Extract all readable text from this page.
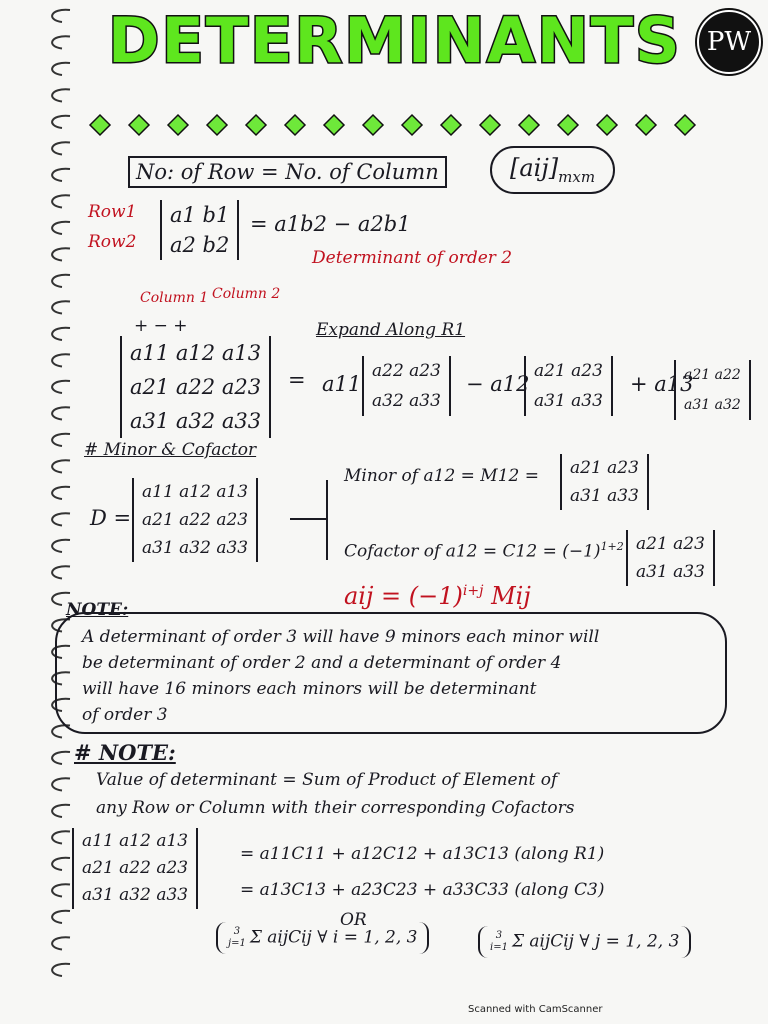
DETERMINANTS PW
No: of Row = No. of Column	$[aij]_{mxm}$
Row1
Row2
a1 b1
a2 b2
= a1b2 − a2b1
Determinant of order 2
Column 1 Column 2
+ − +
a11 a12 a13
a21 a22 a23
a31 a32 a33
Expand Along R1
= a11
a22 a23
a32 a33
− a12
a21 a23
a31 a33
+ a13
a21 a22
a31 a32
# Minor & Cofactor
D =
a11 a12 a13
a21 a22 a23
a31 a32 a33
Minor of a12 = M12 = a21 a23
a31 a33
Cofactor of $a12 = C12 = (-1)^{1+2}$ a21 a23
a31 a33
aij = $(-1)^{i+j}$ Mij
NOTE:
A determinant of order 3 will have 9 minors each minor will
be determinant of order 2 and a determinant of order 4
will have 16 minors each minors will be determinant
of order 3
# NOTE:
Value of determinant = Sum of Product of Element of
any Row or Column with their corresponding Cofactors
a11 a12 a13
a21 a22 a23
a31 a32 a33
= a11C11 + a12C12 + a13C13 (along R1)
= a13C13 + a23C23 + a33C33 (along C3)
OR
3
j=1 Σ aijCij ∀ i = 1, 2, 3	3
i=1 Σ aijCij ∀ j = 1, 2, 3
Scanned with CamScanner
